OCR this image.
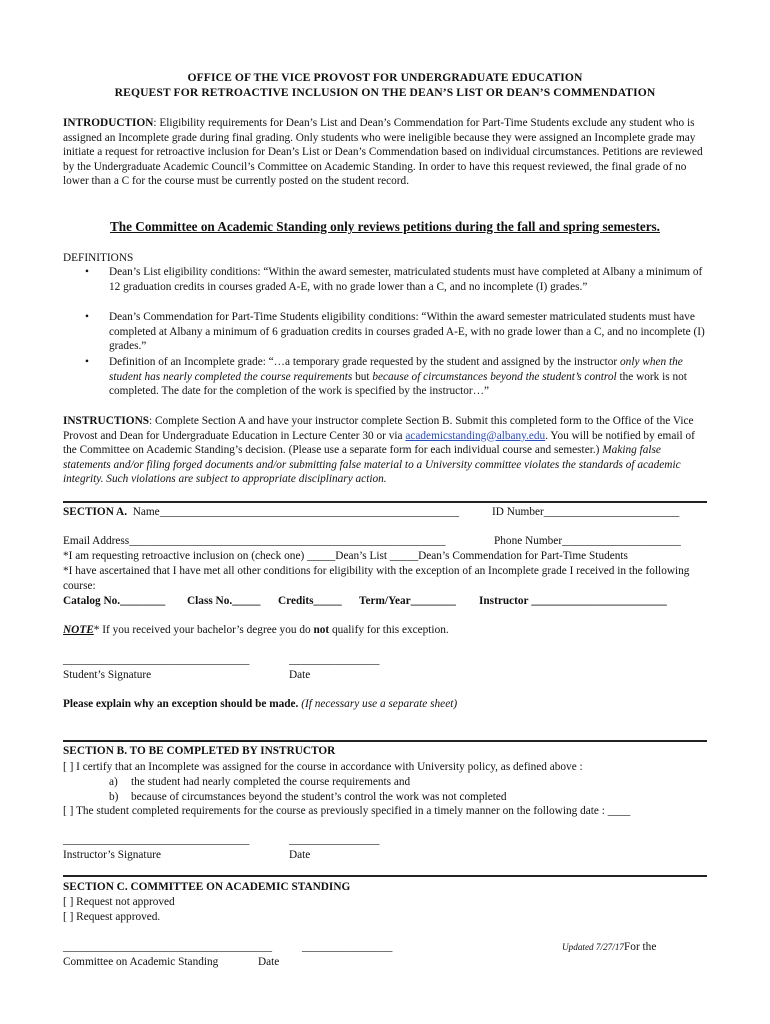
OFFICE OF THE VICE PROVOST FOR UNDERGRADUATE EDUCATION
REQUEST FOR RETROACTIVE INCLUSION ON THE DEAN’S LIST OR DEAN’S COMMENDATION
INTRODUCTION: Eligibility requirements for Dean’s List and Dean’s Commendation for Part-Time Students exclude any student who is assigned an Incomplete grade during final grading. Only students who were ineligible because they were assigned an Incomplete grade may initiate a request for retroactive inclusion for Dean’s List or Dean’s Commendation based on individual circumstances. Petitions are reviewed by the Undergraduate Academic Council’s Committee on Academic Standing. In order to have this request reviewed, the final grade of no lower than a C for the course must be currently posted on the student record.
The Committee on Academic Standing only reviews petitions during the fall and spring semesters.
DEFINITIONS
• Dean’s List eligibility conditions: “Within the award semester, matriculated students must have completed at Albany a minimum of 12 graduation credits in courses graded A-E, with no grade lower than a C, and no incomplete (I) grades.”
• Dean’s Commendation for Part-Time Students eligibility conditions: “Within the award semester matriculated students must have completed at Albany a minimum of 6 graduation credits in courses graded A-E, with no grade lower than a C, and no incomplete (I) grades.”
• Definition of an Incomplete grade: “…a temporary grade requested by the student and assigned by the instructor only when the student has nearly completed the course requirements but because of circumstances beyond the student’s control the work is not completed. The date for the completion of the work is specified by the instructor…”
INSTRUCTIONS: Complete Section A and have your instructor complete Section B. Submit this completed form to the Office of the Vice Provost and Dean for Undergraduate Education in Lecture Center 30 or via academicstanding@albany.edu. You will be notified by email of the Committee on Academic Standing’s decision. (Please use a separate form for each individual course and semester.) Making false statements and/or filing forged documents and/or submitting false material to a University committee violates the standards of academic integrity. Such violations are subject to appropriate disciplinary action.
SECTION A. Name_____________________________________________________	ID Number________________________
Email Address________________________________________________________	Phone Number_____________________
*I am requesting retroactive inclusion on (check one) _____Dean’s List _____Dean’s Commendation for Part-Time Students
*I have ascertained that I have met all other conditions for eligibility with the exception of an Incomplete grade I received in the following course:
Catalog No.________ Class No._____ Credits_____ Term/Year________ Instructor ________________________
NOTE* If you received your bachelor’s degree you do not qualify for this exception.
_________________________________	________________
Student’s Signature	Date
Please explain why an exception should be made. (If necessary use a separate sheet)
SECTION B. TO BE COMPLETED BY INSTRUCTOR
[ ] I certify that an Incomplete was assigned for the course in accordance with University policy, as defined above :
a) the student had nearly completed the course requirements and
b) because of circumstances beyond the student’s control the work was not completed
[ ] The student completed requirements for the course as previously specified in a timely manner on the following date : ____
_________________________________	________________
Instructor’s Signature	Date
SECTION C. COMMITTEE ON ACADEMIC STANDING
[ ] Request not approved
[ ] Request approved.
_____________________________________	________________	Updated 7/27/17For the
Committee on Academic Standing	Date
